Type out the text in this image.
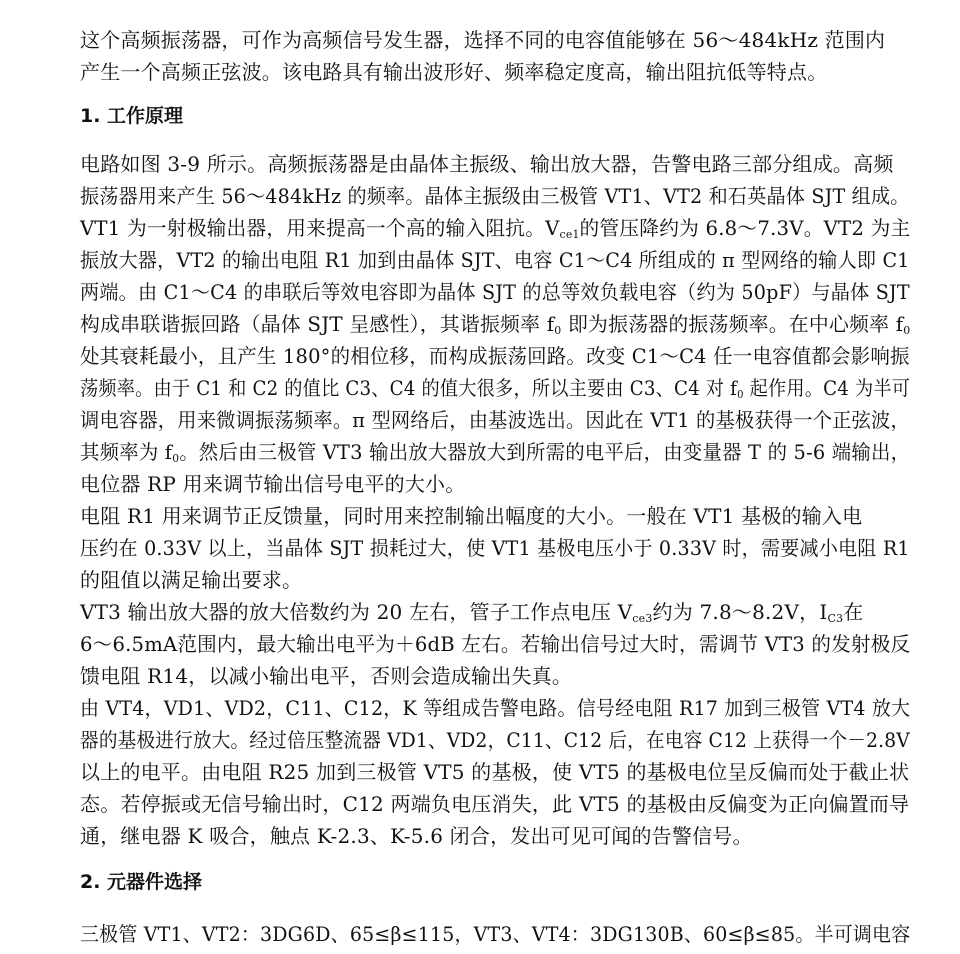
这个高频振荡器，可作为高频信号发生器，选择不同的电容值能够在 56～484kHz 范围内
产生一个高频正弦波。该电路具有输出波形好、频率稳定度高，输出阻抗低等特点。
1. 工作原理
电路如图 3-9 所示。高频振荡器是由晶体主振级、输出放大器，告警电路三部分组成。高频
振荡器用来产生 56～484kHz 的频率。晶体主振级由三极管 VT1、VT2 和石英晶体 SJT 组成。
VT1 为一射极输出器，用来提高一个高的输入阻抗。$V_{ce1}$的管压降约为 6.8～7.3V。VT2 为主
振放大器，VT2 的输出电阻 R1 加到由晶体 SJT、电容 C1～C4 所组成的 π 型网络的输人即 C1
两端。由 C1～C4 的串联后等效电容即为晶体 SJT 的总等效负载电容（约为 50pF）与晶体 SJT
构成串联谐振回路（晶体 SJT 呈感性），其谐振频率 $f_0$ 即为振荡器的振荡频率。在中心频率 $f_0$
处其衰耗最小，且产生 180°的相位移，而构成振荡回路。改变 C1～C4 任一电容值都会影响振
荡频率。由于 C1 和 C2 的值比 C3、C4 的值大很多，所以主要由 C3、C4 对 $f_0$ 起作用。C4 为半可
调电容器，用来微调振荡频率。π 型网络后，由基波选出。因此在 VT1 的基极获得一个正弦波，
其频率为 $f_0$。然后由三极管 VT3 输出放大器放大到所需的电平后，由变量器 T 的 5-6 端输出，
电位器 RP 用来调节输出信号电平的大小。
电阻 R1 用来调节正反馈量，同时用来控制输出幅度的大小。一般在 VT1 基极的输入电
压约在 0.33V 以上，当晶体 SJT 损耗过大，使 VT1 基极电压小于 0.33V 时，需要减小电阻 R1
的阻值以满足输出要求。
VT3 输出放大器的放大倍数约为 20 左右，管子工作点电压 $V_{ce3}$约为 7.8～8.2V，$I_{C3}$在
6～6.5mA范围内，最大输出电平为＋6dB 左右。若输出信号过大时，需调节 VT3 的发射极反
馈电阻 R14，以减小输出电平，否则会造成输出失真。
由 VT4，VD1、VD2，C11、C12，K 等组成告警电路。信号经电阻 R17 加到三极管 VT4 放大
器的基极进行放大。经过倍压整流器 VD1、VD2，C11、C12 后，在电容 C12 上获得一个－2.8V
以上的电平。由电阻 R25 加到三极管 VT5 的基极，使 VT5 的基极电位呈反偏而处于截止状
态。若停振或无信号输出时，C12 两端负电压消失，此 VT5 的基极由反偏变为正向偏置而导
通，继电器 K 吸合，触点 K-2.3、K-5.6 闭合，发出可见可闻的告警信号。
2. 元器件选择
三极管 VT1、VT2：3DG6D、65≤β≤115，VT3、VT4：3DG130B、60≤β≤85。半可调电容
